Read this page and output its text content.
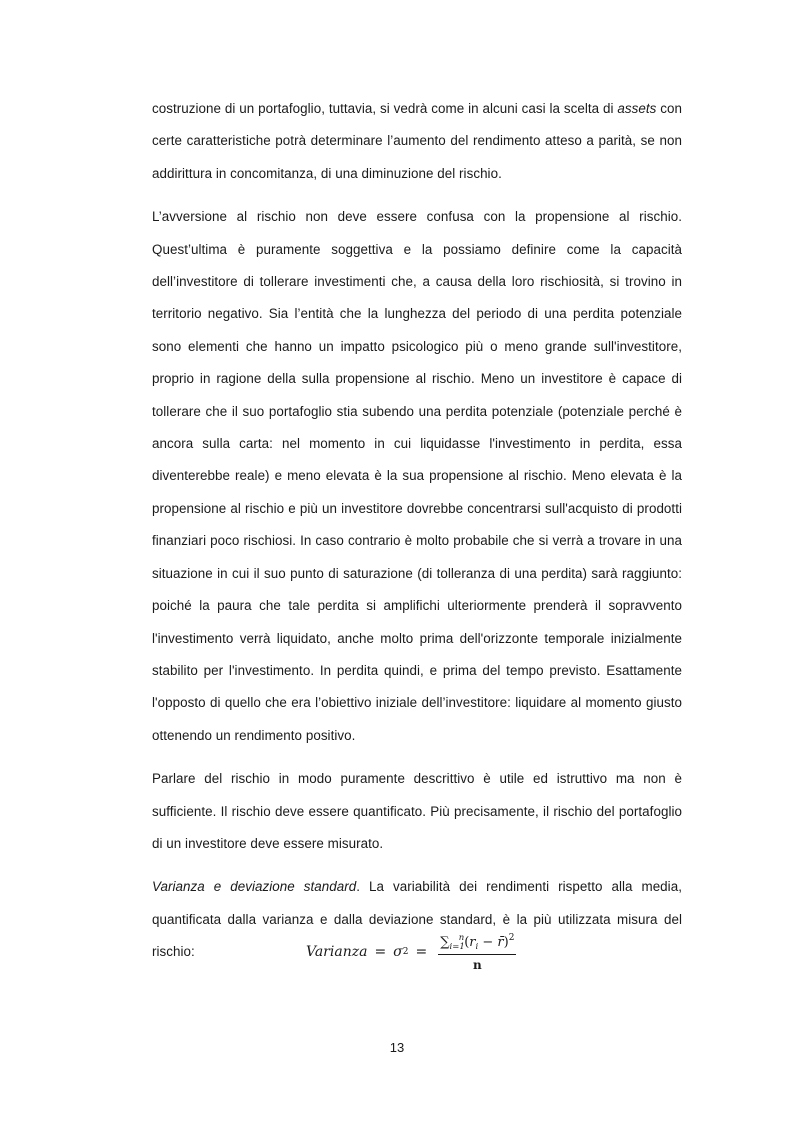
costruzione di un portafoglio, tuttavia, si vedrà come in alcuni casi la scelta di assets con certe caratteristiche potrà determinare l’aumento del rendimento atteso a parità, se non addirittura in concomitanza, di una diminuzione del rischio.

L’avversione al rischio non deve essere confusa con la propensione al rischio. Quest’ultima è puramente soggettiva e la possiamo definire come la capacità dell’investitore di tollerare investimenti che, a causa della loro rischiosità, si trovino in territorio negativo. Sia l’entità che la lunghezza del periodo di una perdita potenziale sono elementi che hanno un impatto psicologico più o meno grande sull'investitore, proprio in ragione della sulla propensione al rischio. Meno un investitore è capace di tollerare che il suo portafoglio stia subendo una perdita potenziale (potenziale perché è ancora sulla carta: nel momento in cui liquidasse l'investimento in perdita, essa diventerebbe reale) e meno elevata è la sua propensione al rischio. Meno elevata è la propensione al rischio e più un investitore dovrebbe concentrarsi sull'acquisto di prodotti finanziari poco rischiosi. In caso contrario è molto probabile che si verrà a trovare in una situazione in cui il suo punto di saturazione (di tolleranza di una perdita) sarà raggiunto: poiché la paura che tale perdita si amplifichi ulteriormente prenderà il sopravvento l'investimento verrà liquidato, anche molto prima dell'orizzonte temporale inizialmente stabilito per l'investimento. In perdita quindi, e prima del tempo previsto. Esattamente l'opposto di quello che era l’obiettivo iniziale dell’investitore: liquidare al momento giusto ottenendo un rendimento positivo.

Parlare del rischio in modo puramente descrittivo è utile ed istruttivo ma non è sufficiente. Il rischio deve essere quantificato. Più precisamente, il rischio del portafoglio di un investitore deve essere misurato.

Varianza e deviazione standard. La variabilità dei rendimenti rispetto alla media, quantificata dalla varianza e dalla deviazione standard, è la più utilizzata misura del rischio:	Varianza = σ $2 = \frac{\sum_{i=1}^n(r_i - r̄)^2}{n}$
13
